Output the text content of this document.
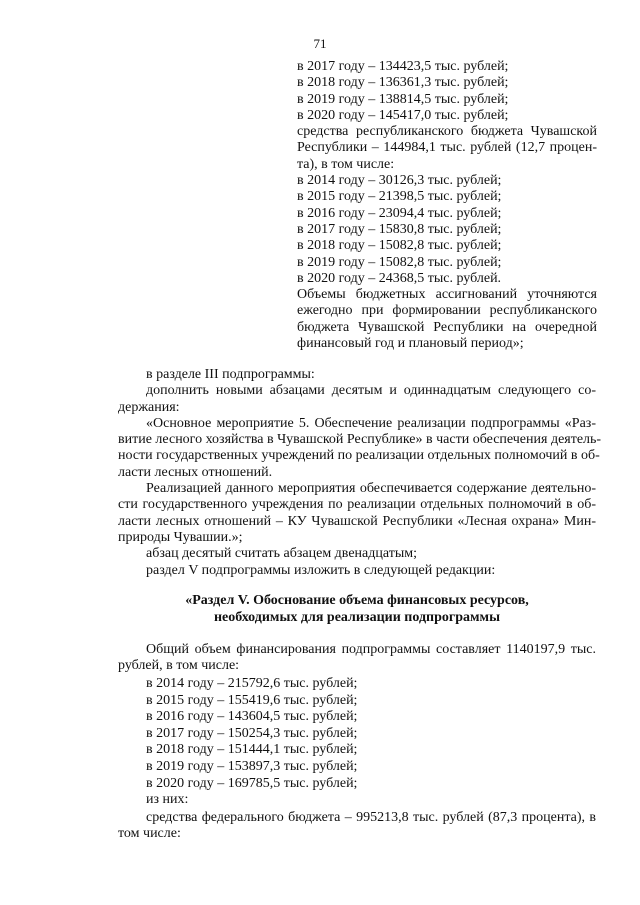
71
в 2017 году – 134423,5 тыс. рублей;
в 2018 году – 136361,3 тыс. рублей;
в 2019 году – 138814,5 тыс. рублей;
в 2020 году – 145417,0 тыс. рублей;
средства республиканского бюджета Чувашской
Республики – 144984,1 тыс. рублей (12,7 процен-
та), в том числе:
в 2014 году – 30126,3 тыс. рублей;
в 2015 году – 21398,5 тыс. рублей;
в 2016 году – 23094,4 тыс. рублей;
в 2017 году – 15830,8 тыс. рублей;
в 2018 году – 15082,8 тыс. рублей;
в 2019 году – 15082,8 тыс. рублей;
в 2020 году – 24368,5 тыс. рублей.
Объемы бюджетных ассигнований уточняются
ежегодно при формировании республиканского
бюджета Чувашской Республики на очередной
финансовый год и плановый период»;
в разделе III подпрограммы:
дополнить новыми абзацами десятым и одиннадцатым следующего со-
держания:
«Основное мероприятие 5. Обеспечение реализации подпрограммы «Раз-
витие лесного хозяйства в Чувашской Республике» в части обеспечения деятель-
ности государственных учреждений по реализации отдельных полномочий в об-
ласти лесных отношений.
Реализацией данного мероприятия обеспечивается содержание деятельно-
сти государственного учреждения по реализации отдельных полномочий в об-
ласти лесных отношений – КУ Чувашской Республики «Лесная охрана» Мин-
природы Чувашии.»;
абзац десятый считать абзацем двенадцатым;
раздел V подпрограммы изложить в следующей редакции:
«Раздел V. Обоснование объема финансовых ресурсов,
необходимых для реализации подпрограммы
Общий объем финансирования подпрограммы составляет 1140197,9 тыс.
рублей, в том числе:
в 2014 году – 215792,6 тыс. рублей;
в 2015 году – 155419,6 тыс. рублей;
в 2016 году – 143604,5 тыс. рублей;
в 2017 году – 150254,3 тыс. рублей;
в 2018 году – 151444,1 тыс. рублей;
в 2019 году – 153897,3 тыс. рублей;
в 2020 году – 169785,5 тыс. рублей;
из них:
средства федерального бюджета – 995213,8 тыс. рублей (87,3 процента), в
том числе:
